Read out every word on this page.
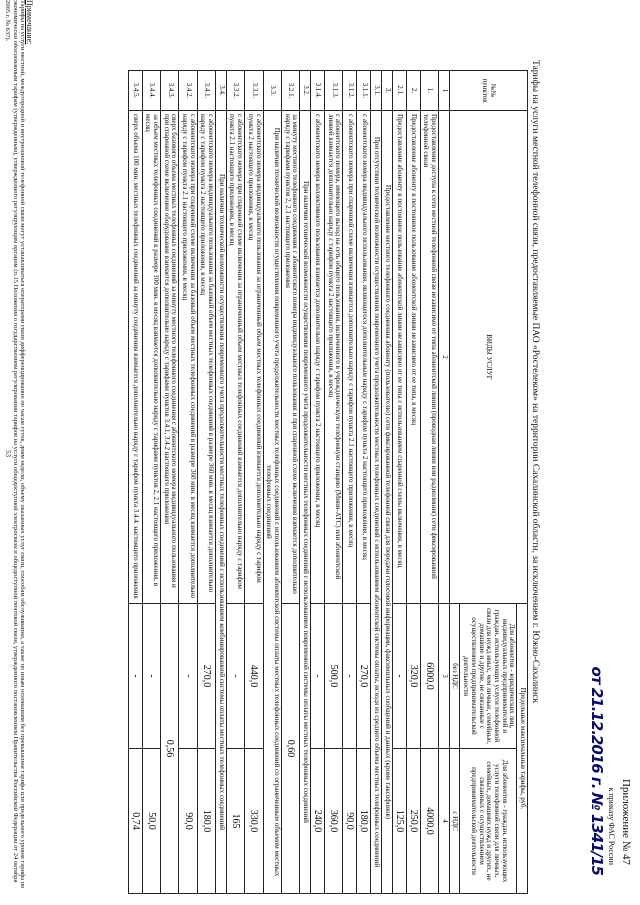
Приложение № 47
к приказу ФАС России
от 21.12.2016 г. № 1341/15
Тарифы на услуги местной телефонной связи, предоставляемые ПАО «Ростелеком» на территории Сахалинской области, за исключением г. Южно-Сахалинск
№№ пунктов	ВИДЫ УСЛУГ	Предельные максимальные тарифы, руб.	
		Для абонентов - юридических лиц, индивидуальных предпринимателей и граждан, использующих услуги телефонной связи для нужд иных, чем личные, семейные, домашние и другие, не связанные с осуществлением предпринимательской деятельности	Для абонентов - граждан, использующих услуги телефонной связи для личных, семейных, домашних нужд и других, не связанных с осуществлением предпринимательской деятельности
		без НДС	с НДС
1	2	3	4
1.	Предоставление доступа к сети местной телефонной связи независимо от типа абонентской линии (проводная линия или радиолиния) сети фиксированной телефонной связи	6000,0	4000,0
2.	Предоставление абоненту в постоянное пользование абонентской линии независимо от ее типа, в месяц	320,0	250,0
2.1.	Предоставление абоненту в постоянное пользование абонентской линии независимо от ее типа с использованием спаренной схемы включения, в месяц	-	125,0
3.	Предоставление местного телефонного соединения абоненту (пользователю) сети фиксированной телефонной связи для передачи голосовой информации, факсимильных сообщений и данных (кроме таксофонов)		
3.1.	При отсутствии технической возможности осуществления повременного учета продолжительности местных телефонных соединений с использованием абонентской системы оплаты, исходя из среднего объема местных телефонных соединений		
3.1.1.	с абонентского номера индивидуального использования, являющегося дополнительным наряду с тарифом пункта 2 настоящего приложения, в месяц	270,0	180,0
3.1.2.	с абонентского номера при спаренной схеме включения взимается дополнительно наряду с тарифом пункта 2.1 настоящего приложения, в месяц	-	90,0
3.1.3.	с абонентского номера, имеющего выход на сеть общего пользования, включенного в учрежденческую телефонную станцию (Мини-АТС) или абонентской линией взимается дополнительно наряду с тарифом пункта 2 настоящего приложения, в месяц	500,0	360,0
3.1.4.	с абонентского номера коллективного пользования взимается дополнительно наряду с тарифом пункта 2 настоящего приложения, в месяц	-	240,0
3.2.	При наличии технической возможности осуществления повременного учета продолжительности местных телефонных соединений с использованием повременной системы оплаты местных телефонных соединений		
3.2.1.	за минуту местного телефонного соединения с абонентского номера индивидуального пользования и при спаренной схеме включения взимается дополнительно наряду с тарифами пунктов 2, 2.1 настоящего приложения	0,60	
3.3.	При наличии технической возможности осуществления повременного учета продолжительности местных телефонных соединений с использованием абонентской системы оплаты местных телефонных соединений со ограниченным объемом местных телефонных соединений		
3.3.1.	с абонентского номера индивидуального пользования за ограниченный объем местных телефонных соединений взимается дополнительно наряду с тарифом пункта 2 настоящего приложения, в месяц	440,0	330,0
3.3.2.	с абонентского номера при спаренной схеме включения за ограниченный объем местных телефонных соединений взимается дополнительно наряду с тарифом пункта 2.1 настоящего приложения, в месяц	-	165
3.4.	При наличии технической возможности осуществления повременного учета продолжительности местных телефонных соединений с использованием комбинированной системы оплаты местных телефонных соединений		
3.4.1.	с абонентского номера индивидуального пользования за базовый объем местных телефонных соединений в размере 360 мин. в месяц взимается дополнительно наряду с тарифом пункта 2 настоящего приложения, в месяц	270,0	180,0
3.4.2.	с абонентского номера при спаренной схеме включения за базовый объем местных телефонных соединений в размере 360 мин. в месяц взимается дополнительно наряду с тарифом пункта 2.1 настоящего приложения, в месяц	-	90,0
3.4.3.	сверх базового объема местных телефонных соединений за минуту местного телефонного соединения с абонентского номера индивидуального пользования и при спаренной схеме включения оборудования взимается дополнительно наряду с тарифами пунктов 3.4.1, 3.4.2 настоящего приложения	0,56	
3.4.4.	за объем местных телефонных соединений в размере 100 мин. в месяц взимается дополнительно наряду с тарифами пунктов 2, 2.1 настоящего приложения, в месяц	-	50,0
3.4.5.	сверх объема 100 мин. местных телефонных соединений за минуту соединения взимается дополнительно наряду с тарифом пункта 3.4.4. настоящего приложения	-	0,74
Примечание:
Тарифы на услуги местной, междугородной и внутризоновой телефонной связи могут устанавливаться операторами связи дифференцированно по часам суток, дням недели, объему оказанных услуг связи, способам обслуживания, а также по иным основаниям без превышения тарифа или предельного уровня тарифа по экономически обоснованным тарифам (утвержденным), утвержденного регулирующим органом (п.15 Положения о государственном регулировании тарифов на услуги общедоступной электросвязи и общедоступной почтовой связи, утвержденного постановлением Правительства Российской Федерации от 24 октября 2005 г. № 637).
53
